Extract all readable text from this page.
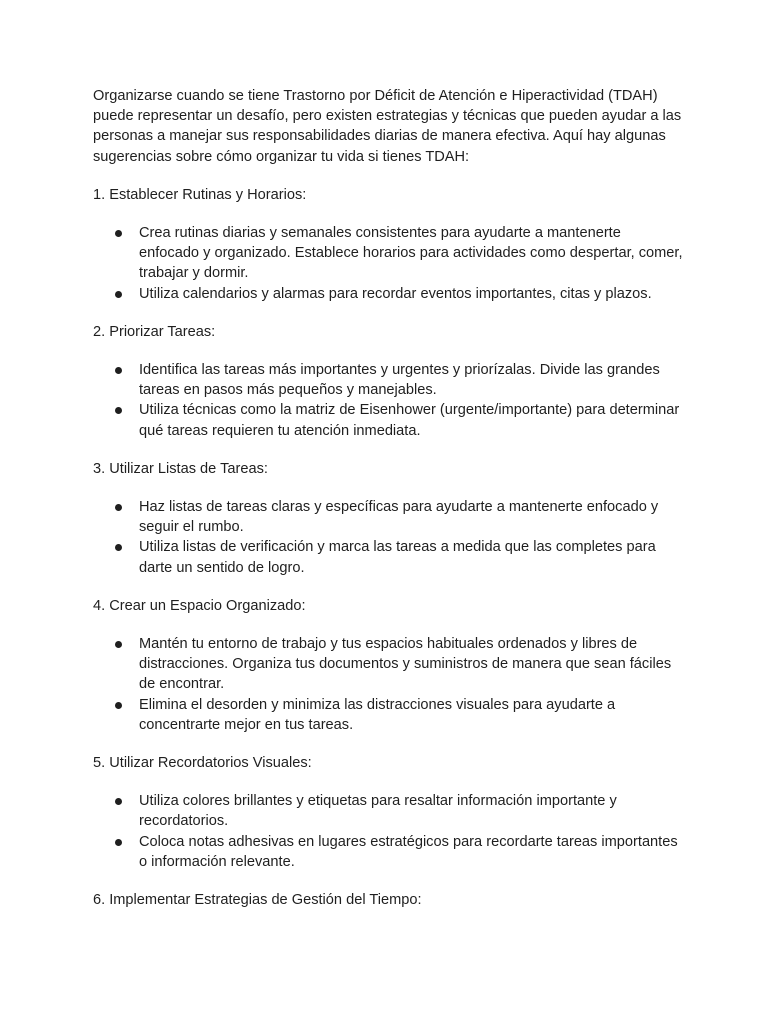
Organizarse cuando se tiene Trastorno por Déficit de Atención e Hiperactividad (TDAH) puede representar un desafío, pero existen estrategias y técnicas que pueden ayudar a las personas a manejar sus responsabilidades diarias de manera efectiva. Aquí hay algunas sugerencias sobre cómo organizar tu vida si tienes TDAH:

1. Establecer Rutinas y Horarios:

Crea rutinas diarias y semanales consistentes para ayudarte a mantenerte enfocado y organizado. Establece horarios para actividades como despertar, comer, trabajar y dormir.
Utiliza calendarios y alarmas para recordar eventos importantes, citas y plazos.

2. Priorizar Tareas:

Identifica las tareas más importantes y urgentes y priorízalas. Divide las grandes tareas en pasos más pequeños y manejables.
Utiliza técnicas como la matriz de Eisenhower (urgente/importante) para determinar qué tareas requieren tu atención inmediata.

3. Utilizar Listas de Tareas:

Haz listas de tareas claras y específicas para ayudarte a mantenerte enfocado y seguir el rumbo.
Utiliza listas de verificación y marca las tareas a medida que las completes para darte un sentido de logro.

4. Crear un Espacio Organizado:

Mantén tu entorno de trabajo y tus espacios habituales ordenados y libres de distracciones. Organiza tus documentos y suministros de manera que sean fáciles de encontrar.
Elimina el desorden y minimiza las distracciones visuales para ayudarte a concentrarte mejor en tus tareas.

5. Utilizar Recordatorios Visuales:

Utiliza colores brillantes y etiquetas para resaltar información importante y recordatorios.
Coloca notas adhesivas en lugares estratégicos para recordarte tareas importantes o información relevante.

6. Implementar Estrategias de Gestión del Tiempo:
